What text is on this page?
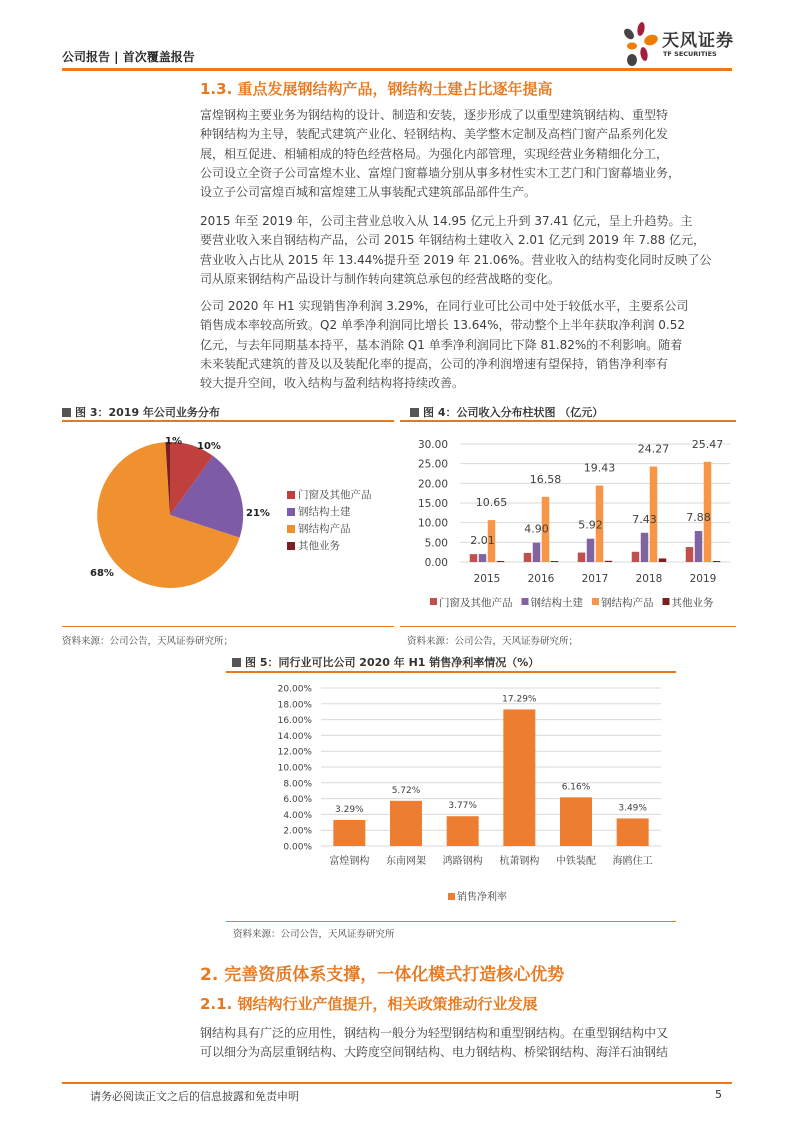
公司报告 | 首次覆盖报告
天风证券
TF SECURITIES
1.3. 重点发展钢结构产品，钢结构土建占比逐年提高
富煌钢构主要业务为钢结构的设计、制造和安装，逐步形成了以重型建筑钢结构、重型特
种钢结构为主导，装配式建筑产业化、轻钢结构、美学整木定制及高档门窗产品系列化发
展，相互促进、相辅相成的特色经营格局。为强化内部管理，实现经营业务精细化分工，
公司设立全资子公司富煌木业、富煌门窗幕墙分别从事多材性实木工艺门和门窗幕墙业务，
设立子公司富煌百城和富煌建工从事装配式建筑部品部件生产。
2015 年至 2019 年，公司主营业总收入从 14.95 亿元上升到 37.41 亿元，呈上升趋势。主
要营业收入来自钢结构产品，公司 2015 年钢结构土建收入 2.01 亿元到 2019 年 7.88 亿元，
营业收入占比从 2015 年 13.44%提升至 2019 年 21.06%。营业收入的结构变化同时反映了公
司从原来钢结构产品设计与制作转向建筑总承包的经营战略的变化。
公司 2020 年 H1 实现销售净利润 3.29%，在同行业可比公司中处于较低水平，主要系公司
销售成本率较高所致。Q2 单季净利润同比增长 13.64%，带动整个上半年获取净利润 0.52
亿元，与去年同期基本持平，基本消除 Q1 单季净利润同比下降 81.82%的不利影响。随着
未来装配式建筑的普及以及装配化率的提高，公司的净利润增速有望保持，销售净利率有
较大提升空间，收入结构与盈利结构将持续改善。
图 3：2019 年公司业务分布
1% 10%
21%
68%
门窗及其他产品
钢结构土建
钢结构产品
其他业务
资料来源：公司公告，天风证券研究所；
图 4：公司收入分布柱状图 （亿元）
30.00
25.00
20.00
15.00
10.00
5.00
0.00
2015
2.01
10.65
2016
4.90
16.58
2017
5.92
19.43
2018
7.43
24.27
2019
7.88
25.47
门窗及其他产品 钢结构土建 钢结构产品 其他业务
资料来源：公司公告，天风证券研究所；
图 5：同行业可比公司 2020 年 H1 销售净利率情况（%）
20.00%
18.00%
16.00%
14.00%
12.00%
10.00%
8.00%
6.00%
4.00%
2.00%
0.00%
3.29%
富煌钢构
5.72%
东南网架
3.77%
鸿路钢构
17.29%
杭萧钢构
6.16%
中铁装配
3.49%
海鸥住工
销售净利率
资料来源：公司公告，天风证券研究所
2. 完善资质体系支撑，一体化模式打造核心优势
2.1. 钢结构行业产值提升，相关政策推动行业发展
钢结构具有广泛的应用性，钢结构一般分为轻型钢结构和重型钢结构。在重型钢结构中又
可以细分为高层重钢结构、大跨度空间钢结构、电力钢结构、桥梁钢结构、海洋石油钢结
请务必阅读正文之后的信息披露和免责申明	5
